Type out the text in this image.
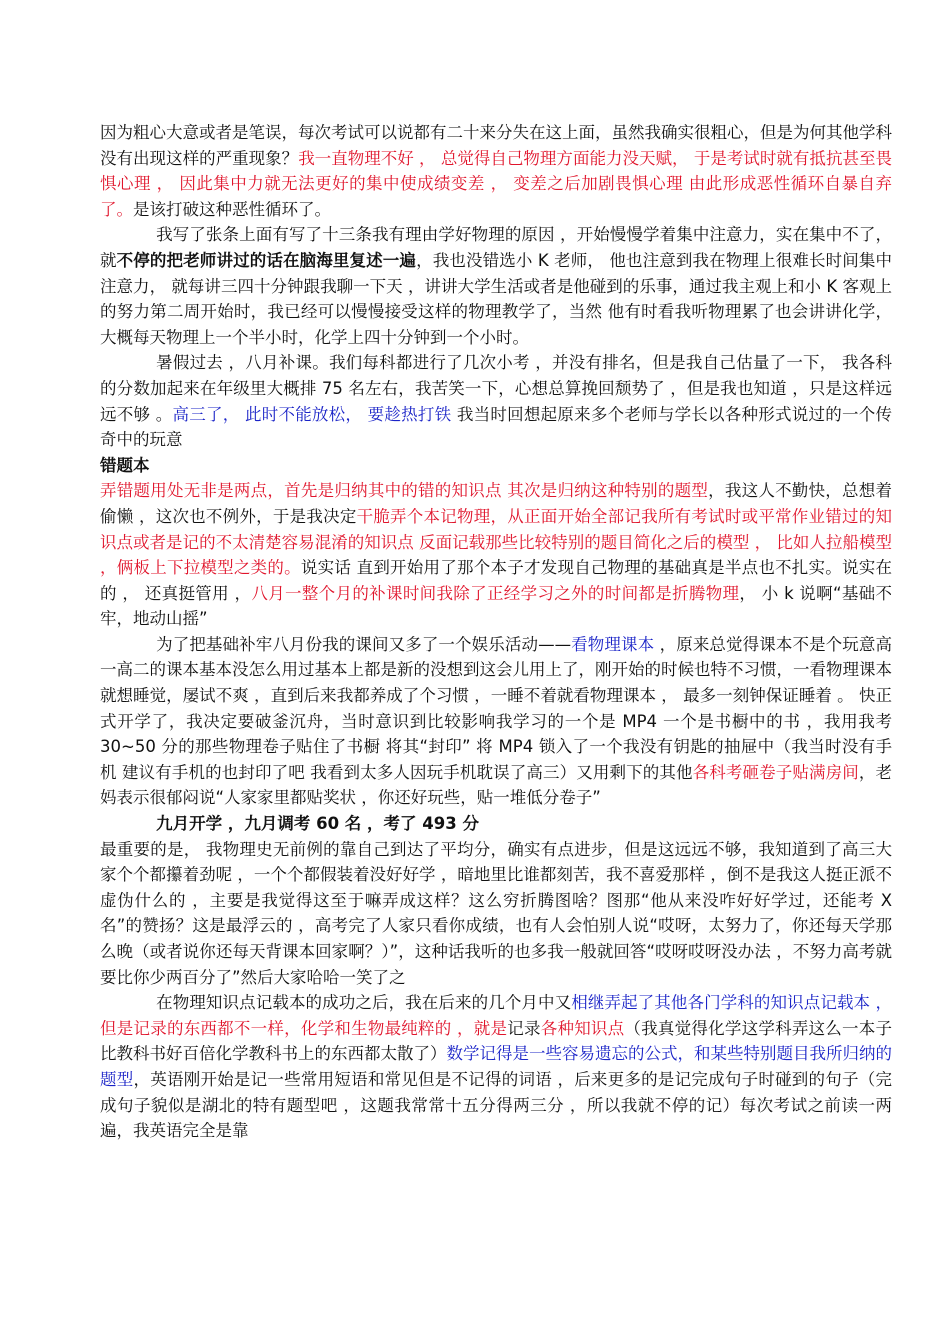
因为粗心大意或者是笔误，每次考试可以说都有二十来分失在这上面，虽然我确实很粗心，但是为何其他学科没有出现这样的严重现象？我一直物理不好 ， 总觉得自己物理方面能力没天赋， 于是考试时就有抵抗甚至畏惧心理 ， 因此集中力就无法更好的集中使成绩变差 ， 变差之后加剧畏惧心理 由此形成恶性循环自暴自弃了。是该打破这种恶性循环了。

我写了张条上面有写了十三条我有理由学好物理的原因 ，开始慢慢学着集中注意力，实在集中不了，就不停的把老师讲过的话在脑海里复述一遍，我也没错选小 K 老师， 他也注意到我在物理上很难长时间集中注意力， 就每讲三四十分钟跟我聊一下天 ，讲讲大学生活或者是他碰到的乐事，通过我主观上和小 K 客观上的努力第二周开始时，我已经可以慢慢接受这样的物理教学了，当然 他有时看我听物理累了也会讲讲化学，大概每天物理上一个半小时，化学上四十分钟到一个小时。

暑假过去 ，八月补课。我们每科都进行了几次小考 ，并没有排名，但是我自己估量了一下， 我各科的分数加起来在年级里大概排 75 名左右，我苦笑一下，心想总算挽回颓势了 ，但是我也知道 ，只是这样远远不够 。高三了， 此时不能放松， 要趁热打铁 我当时回想起原来多个老师与学长以各种形式说过的一个传奇中的玩意

错题本

弄错题用处无非是两点，首先是归纳其中的错的知识点 其次是归纳这种特别的题型，我这人不勤快，总想着偷懒 ，这次也不例外，于是我决定干脆弄个本记物理，从正面开始全部记我所有考试时或平常作业错过的知识点或者是记的不太清楚容易混淆的知识点 反面记载那些比较特别的题目简化之后的模型 ， 比如人拉船模型 ，俩板上下拉模型之类的。说实话 直到开始用了那个本子才发现自己物理的基础真是半点也不扎实。说实在的 ， 还真挺管用 ，八月一整个月的补课时间我除了正经学习之外的时间都是折腾物理， 小 k 说啊“基础不牢，地动山摇”

为了把基础补牢八月份我的课间又多了一个娱乐活动——看物理课本 ，原来总觉得课本不是个玩意高一高二的课本基本没怎么用过基本上都是新的没想到这会儿用上了，刚开始的时候也特不习惯，一看物理课本就想睡觉，屡试不爽 ，直到后来我都养成了个习惯 ，一睡不着就看物理课本 ， 最多一刻钟保证睡着 。 快正式开学了，我决定要破釜沉舟，当时意识到比较影响我学习的一个是 MP4 一个是书橱中的书 ，我用我考 30~50 分的那些物理卷子贴住了书橱 将其“封印” 将 MP4 锁入了一个我没有钥匙的抽屉中（我当时没有手机 建议有手机的也封印了吧 我看到太多人因玩手机耽误了高三）又用剩下的其他各科考砸卷子贴满房间，老妈表示很郁闷说“人家家里都贴奖状 ，你还好玩些，贴一堆低分卷子”

九月开学 ，九月调考 60 名 ，考了 493 分

最重要的是， 我物理史无前例的靠自己到达了平均分，确实有点进步，但是这远远不够，我知道到了高三大 家个个都攥着劲呢 ，一个个都假装着没好好学 ，暗地里比谁都刻苦，我不喜爱那样 ，倒不是我这人挺正派不虚伪什么的 ，主要是我觉得这至于嘛弄成这样？这么穷折腾图啥？图那“他从来没咋好好学过，还能考 X 名”的赞扬？这是最浮云的 ，高考完了人家只看你成绩，也有人会怕别人说“哎呀，太努力了，你还每天学那么晚（或者说你还每天背课本回家啊？）”，这种话我听的也多我一般就回答“哎呀哎呀没办法 ，不努力高考就要比你少两百分了”然后大家哈哈一笑了之

在物理知识点记载本的成功之后，我在后来的几个月中又相继弄起了其他各门学科的知识点记载本 ， 但是记录的东西都不一样，化学和生物最纯粹的 ，就是记录各种知识点（我真觉得化学这学科弄这么一本子比教科书好百倍化学教科书上的东西都太散了）数学记得是一些容易遗忘的公式，和某些特别题目我所归纳的题型，英语刚开始是记一些常用短语和常见但是不记得的词语 ，后来更多的是记完成句子时碰到的句子（完成句子貌似是湖北的特有题型吧 ，这题我常常十五分得两三分 ，所以我就不停的记）每次考试之前读一两遍，我英语完全是靠
